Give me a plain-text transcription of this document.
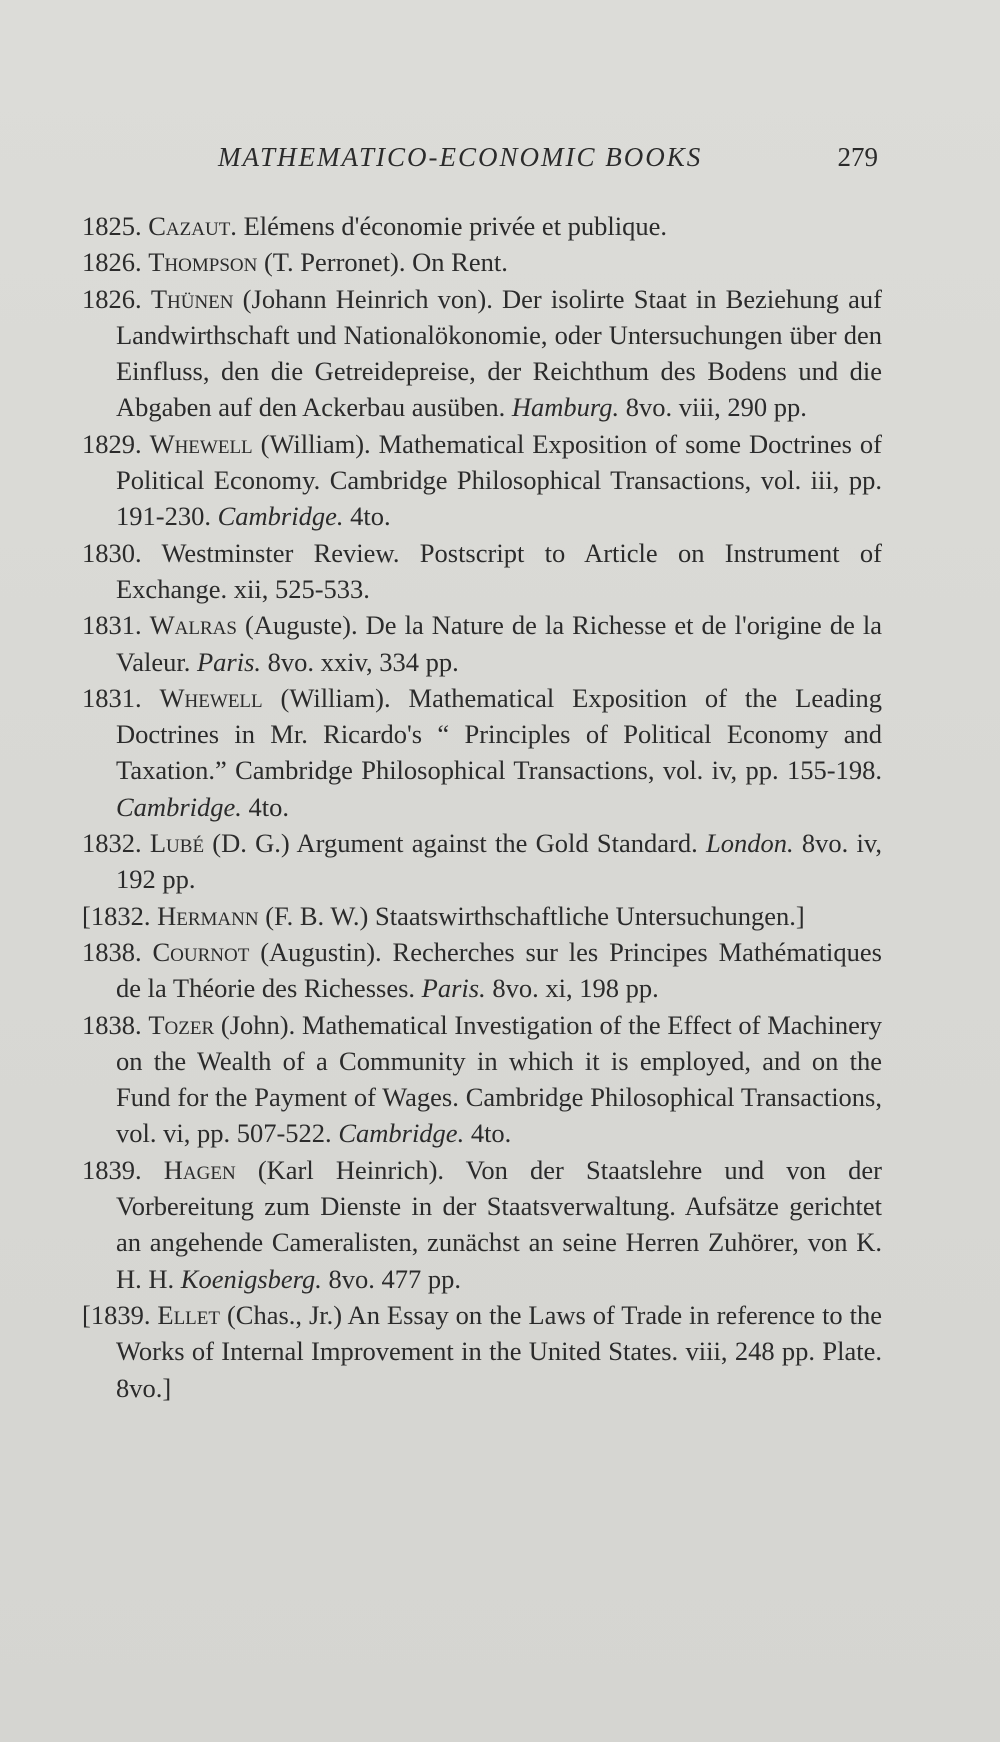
MATHEMATICO-ECONOMIC BOOKS	279

1825. Cazaut. Elémens d'économie privée et publique.

1826. Thompson (T. Perronet). On Rent.

1826. Thünen (Johann Heinrich von). Der isolirte Staat in Beziehung auf Landwirthschaft und Nationalökonomie, oder Untersuchungen über den Einfluss, den die Getreidepreise, der Reichthum des Bodens und die Abgaben auf den Ackerbau ausüben. Hamburg. 8vo. viii, 290 pp.

1829. Whewell (William). Mathematical Exposition of some Doctrines of Political Economy. Cambridge Philosophical Transactions, vol. iii, pp. 191-230. Cambridge. 4to.

1830. Westminster Review. Postscript to Article on Instrument of Exchange. xii, 525-533.

1831. Walras (Auguste). De la Nature de la Richesse et de l'origine de la Valeur. Paris. 8vo. xxiv, 334 pp.

1831. Whewell (William). Mathematical Exposition of the Leading Doctrines in Mr. Ricardo's “ Principles of Political Economy and Taxation.” Cambridge Philosophical Transactions, vol. iv, pp. 155-198. Cambridge. 4to.

1832. Lubé (D. G.) Argument against the Gold Standard. London. 8vo. iv, 192 pp.

[1832. Hermann (F. B. W.) Staatswirthschaftliche Untersuchungen.]

1838. Cournot (Augustin). Recherches sur les Principes Mathématiques de la Théorie des Richesses. Paris. 8vo. xi, 198 pp.

1838. Tozer (John). Mathematical Investigation of the Effect of Machinery on the Wealth of a Community in which it is employed, and on the Fund for the Payment of Wages. Cambridge Philosophical Transactions, vol. vi, pp. 507-522. Cambridge. 4to.

1839. Hagen (Karl Heinrich). Von der Staatslehre und von der Vorbereitung zum Dienste in der Staatsverwaltung. Aufsätze gerichtet an angehende Cameralisten, zunächst an seine Herren Zuhörer, von K. H. H. Koenigsberg. 8vo. 477 pp.

[1839. Ellet (Chas., Jr.) An Essay on the Laws of Trade in reference to the Works of Internal Improvement in the United States. viii, 248 pp. Plate. 8vo.]
